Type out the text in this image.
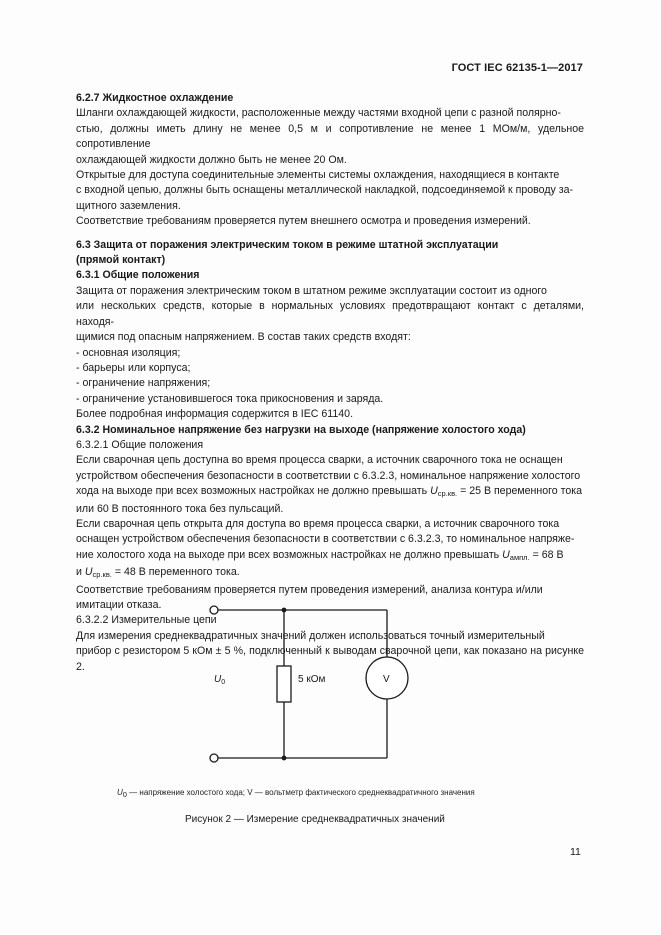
ГОСТ IEC 62135-1—2017

6.2.7 Жидкостное охлаждение

Шланги охлаждающей жидкости, расположенные между частями входной цепи с разной полярно-

стью, должны иметь длину не менее 0,5 м и сопротивление не менее 1 МОм/м, удельное сопротивление

охлаждающей жидкости должно быть не менее 20 Ом.

Открытые для доступа соединительные элементы системы охлаждения, находящиеся в контакте

с входной цепью, должны быть оснащены металлической накладкой, подсоединяемой к проводу за-

щитного заземления.

Соответствие требованиям проверяется путем внешнего осмотра и проведения измерений.

6.3 Защита от поражения электрическим током в режиме штатной эксплуатации

(прямой контакт)

6.3.1 Общие положения

Защита от поражения электрическим током в штатном режиме эксплуатации состоит из одного

или нескольких средств, которые в нормальных условиях предотвращают контакт с деталями, находя-

щимися под опасным напряжением. В состав таких средств входят:

- основная изоляция;

- барьеры или корпуса;

- ограничение напряжения;

- ограничение установившегося тока прикосновения и заряда.

Более подробная информация содержится в IEC 61140.

6.3.2 Номинальное напряжение без нагрузки на выходе (напряжение холостого хода)

6.3.2.1 Общие положения

Если сварочная цепь доступна во время процесса сварки, а источник сварочного тока не оснащен

устройством обеспечения безопасности в соответствии с 6.3.2.3, номинальное напряжение холостого

хода на выходе при всех возможных настройках не должно превышать $U_{ср.кв.} = 25$ В переменного тока

или 60 В постоянного тока без пульсаций.

Если сварочная цепь открыта для доступа во время процесса сварки, а источник сварочного тока

оснащен устройством обеспечения безопасности в соответствии с 6.3.2.3, то номинальное напряже-

ние холостого хода на выходе при всех возможных настройках не должно превышать $U_{ампл.} = 68$ В

и $U_{ср.кв.} = 48$ В переменного тока.

Соответствие требованиям проверяется путем проведения измерений, анализа контура и/или

имитации отказа.

6.3.2.2 Измерительные цепи

Для измерения среднеквадратичных значений должен использоваться точный измерительный

прибор с резистором 5 кОм ± 5 %, подключенный к выводам сварочной цепи, как показано на рисунке 2.

$U_0$	5 кОм	V
U0 — напряжение холостого хода; V — вольтметр фактического среднеквадратичного значения
Рисунок 2 — Измерение среднеквадратичных значений
11
